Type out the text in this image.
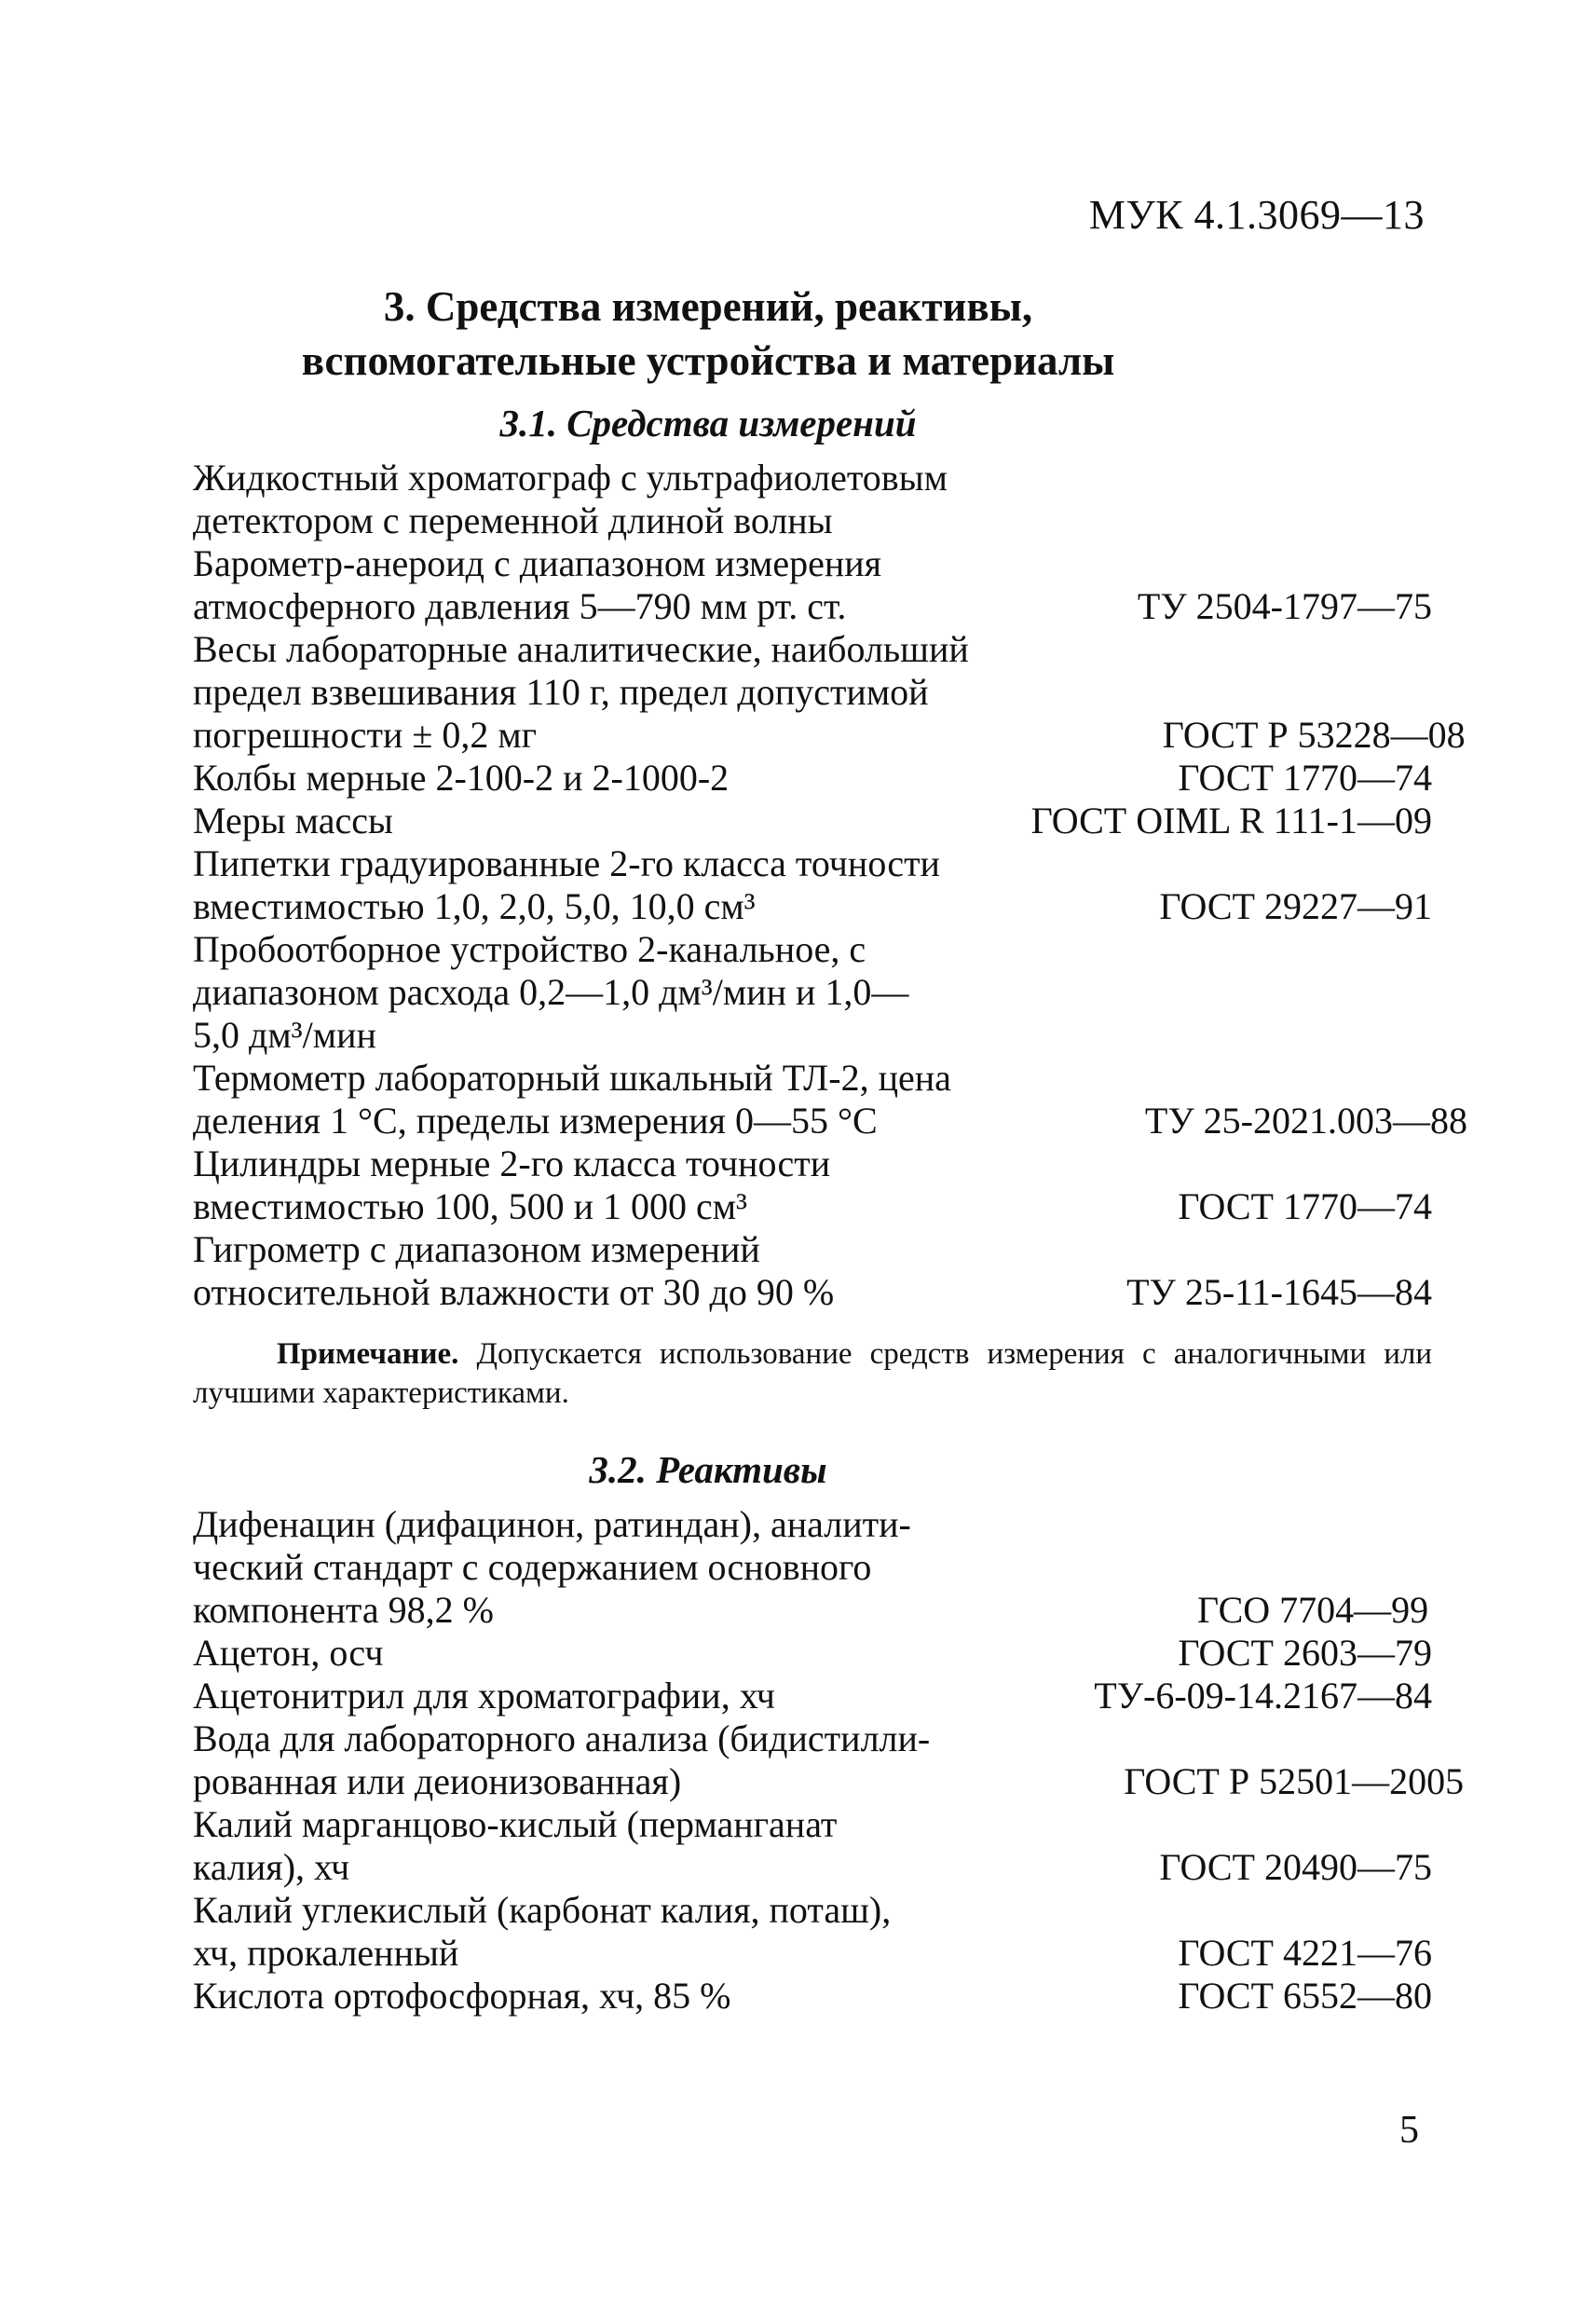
МУК 4.1.3069—13
3. Средства измерений, реактивы,
вспомогательные устройства и материалы
3.1. Средства измерений
Жидкостный хроматограф с ультрафиолетовым
детектором с переменной длиной волны
Барометр-анероид с диапазоном измерения
атмосферного давления 5—790 мм рт. ст.	ТУ 2504-1797—75
Весы лабораторные аналитические, наибольший
предел взвешивания 110 г, предел допустимой
погрешности ± 0,2 мг	ГОСТ Р 53228—08
Колбы мерные 2-100-2 и 2-1000-2	ГОСТ 1770—74
Меры массы	ГОСТ OIML R 111-1—09
Пипетки градуированные 2-го класса точности
вместимостью 1,0, 2,0, 5,0, 10,0 см³	ГОСТ 29227—91
Пробоотборное устройство 2-канальное, с
диапазоном расхода 0,2—1,0 дм³/мин и 1,0—
5,0 дм³/мин
Термометр лабораторный шкальный ТЛ-2, цена
деления 1 °С, пределы измерения 0—55 °С	ТУ 25-2021.003—88
Цилиндры мерные 2-го класса точности
вместимостью 100, 500 и 1 000 см³	ГОСТ 1770—74
Гигрометр с диапазоном измерений
относительной влажности от 30 до 90 %	ТУ 25-11-1645—84
Примечание. Допускается использование средств измерения с аналогичными или лучшими характеристиками.
3.2. Реактивы
Дифенацин (дифацинон, ратиндан), аналити-
ческий стандарт с содержанием основного
компонента 98,2 %	ГСО 7704—99
Ацетон, осч	ГОСТ 2603—79
Ацетонитрил для хроматографии, хч	ТУ-6-09-14.2167—84
Вода для лабораторного анализа (бидистилли-
рованная или деионизованная)	ГОСТ Р 52501—2005
Калий марганцово-кислый (перманганат
калия), хч	ГОСТ 20490—75
Калий углекислый (карбонат калия, поташ),
хч, прокаленный	ГОСТ 4221—76
Кислота ортофосфорная, хч, 85 %	ГОСТ 6552—80
5
